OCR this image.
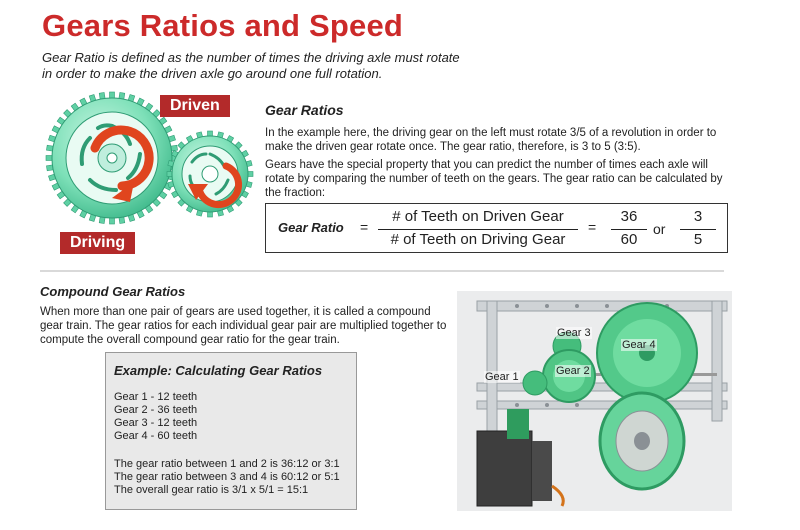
Gears Ratios and Speed
Gear Ratio is defined as the number of times the driving axle must rotate in order to make the driven axle go around one full rotation.
Driven
Driving
Gear Ratios
In the example here, the driving gear on the left must rotate 3/5 of a revolution in order to make the driven gear rotate once. The gear ratio, therefore, is 3 to 5 (3:5).
Gears have the special property that you can predict the number of times each axle will rotate by comparing the number of teeth on the gears. The gear ratio can be calculated by the fraction:
Gear Ratio =
# of Teeth on Driven Gear
# of Teeth on Driving Gear
=
36
60
or
3
5
Compound Gear Ratios
When more than one pair of gears are used together, it is called a compound gear train. The gear ratios for each individual gear pair are multiplied together to compute the overall compound gear ratio for the gear train.
Example: Calculating Gear Ratios
Gear 1 - 12 teeth
Gear 2 - 36 teeth
Gear 3 - 12 teeth
Gear 4 - 60 teeth
The gear ratio between 1 and 2 is 36:12 or 3:1
The gear ratio between 3 and 4 is 60:12 or 5:1
The overall gear ratio is 3/1 x 5/1 = 15:1
Gear 3
Gear 4
Gear 2
Gear 1
